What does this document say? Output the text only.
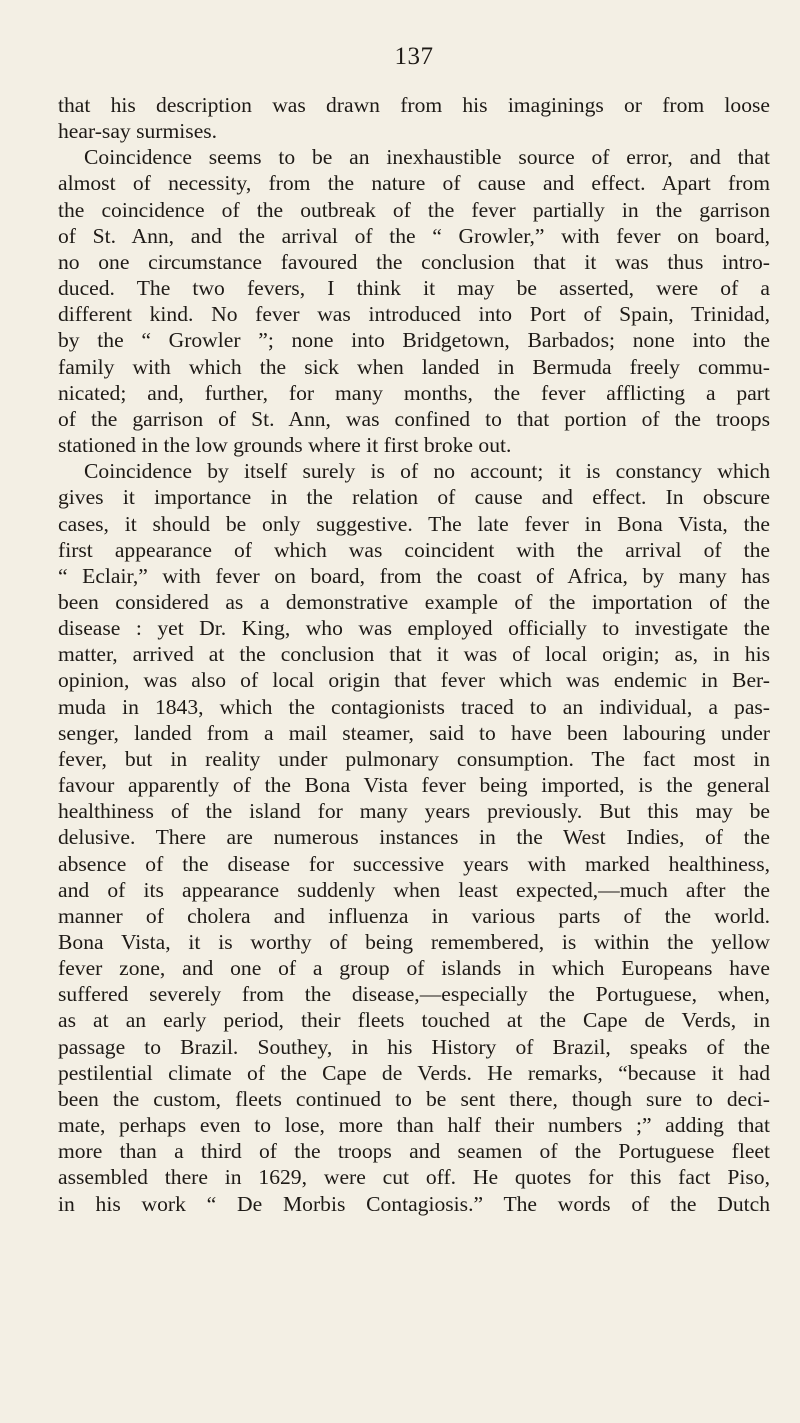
137
that his description was drawn from his imaginings or from loose
hear-say surmises.
Coincidence seems to be an inexhaustible source of error, and that
almost of necessity, from the nature of cause and effect. Apart from
the coincidence of the outbreak of the fever partially in the garrison
of St. Ann, and the arrival of the “ Growler,” with fever on board,
no one circumstance favoured the conclusion that it was thus intro-
duced. The two fevers, I think it may be asserted, were of a
different kind. No fever was introduced into Port of Spain, Trinidad,
by the “ Growler ”; none into Bridgetown, Barbados; none into the
family with which the sick when landed in Bermuda freely commu-
nicated; and, further, for many months, the fever afflicting a part
of the garrison of St. Ann, was confined to that portion of the troops
stationed in the low grounds where it first broke out.
Coincidence by itself surely is of no account; it is constancy which
gives it importance in the relation of cause and effect. In obscure
cases, it should be only suggestive. The late fever in Bona Vista, the
first appearance of which was coincident with the arrival of the
“ Eclair,” with fever on board, from the coast of Africa, by many has
been considered as a demonstrative example of the importation of the
disease : yet Dr. King, who was employed officially to investigate the
matter, arrived at the conclusion that it was of local origin; as, in his
opinion, was also of local origin that fever which was endemic in Ber-
muda in 1843, which the contagionists traced to an individual, a pas-
senger, landed from a mail steamer, said to have been labouring under
fever, but in reality under pulmonary consumption. The fact most in
favour apparently of the Bona Vista fever being imported, is the general
healthiness of the island for many years previously. But this may be
delusive. There are numerous instances in the West Indies, of the
absence of the disease for successive years with marked healthiness,
and of its appearance suddenly when least expected,—much after the
manner of cholera and influenza in various parts of the world.
Bona Vista, it is worthy of being remembered, is within the yellow
fever zone, and one of a group of islands in which Europeans have
suffered severely from the disease,—especially the Portuguese, when,
as at an early period, their fleets touched at the Cape de Verds, in
passage to Brazil. Southey, in his History of Brazil, speaks of the
pestilential climate of the Cape de Verds. He remarks, “because it had
been the custom, fleets continued to be sent there, though sure to deci-
mate, perhaps even to lose, more than half their numbers ;” adding that
more than a third of the troops and seamen of the Portuguese fleet
assembled there in 1629, were cut off. He quotes for this fact Piso,
in his work “ De Morbis Contagiosis.” The words of the Dutch
